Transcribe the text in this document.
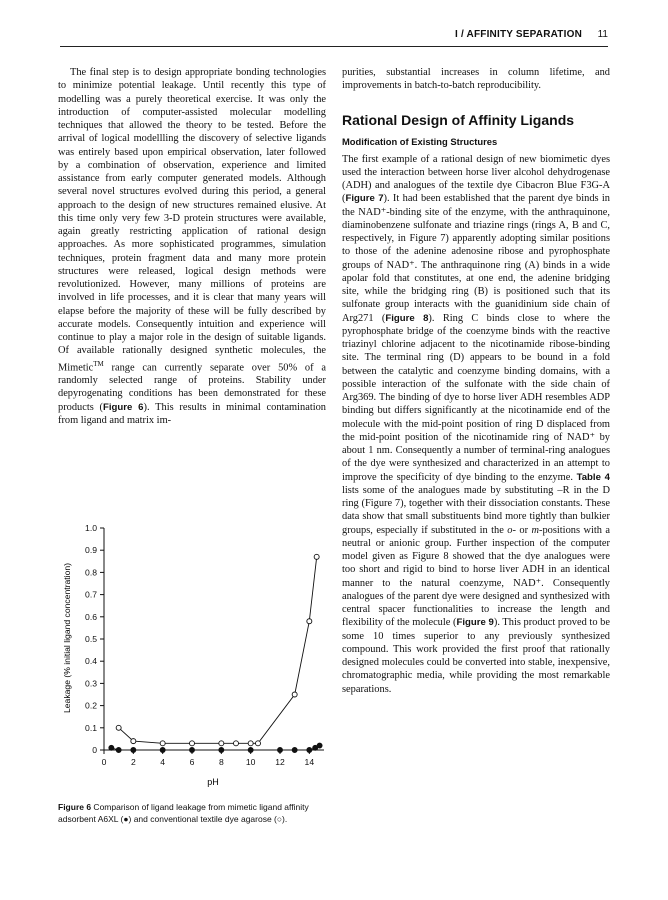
I / AFFINITY SEPARATION 11

The final step is to design appropriate bonding technologies to minimize potential leakage. Until recently this type of modelling was a purely theoretical exercise. It was only the introduction of computer-assisted molecular modelling techniques that allowed the theory to be tested. Before the arrival of logical modellling the discovery of selective ligands was entirely based upon empirical observation, later followed by a combination of observation, experience and limited assistance from early computer generated models. Although several novel structures evolved during this period, a general approach to the design of new structures remained elusive. At this time only very few 3-D protein structures were available, again greatly restricting application of rational design approaches. As more sophisticated programmes, simulation techniques, protein fragment data and many more protein structures were released, logical design methods were revolutionized. However, many millions of proteins are involved in life processes, and it is clear that many years will elapse before the majority of these will be fully described by accurate models. Consequently intuition and experience will continue to play a major role in the design of suitable ligands. Of available rationally designed synthetic molecules, the Mimetic™ range can currently separate over 50% of a randomly selected range of proteins. Stability under depyrogenating conditions has been demonstrated for these products (Figure 6). This results in minimal contamination from ligand and matrix im-

purities, substantial increases in column lifetime, and improvements in batch-to-batch reproducibility.

Rational Design of Affinity Ligands
Modification of Existing Structures

The first example of a rational design of new biomimetic dyes used the interaction between horse liver alcohol dehydrogenase (ADH) and analogues of the textile dye Cibacron Blue F3G-A (Figure 7). It had been established that the parent dye binds in the NAD⁺-binding site of the enzyme, with the anthraquinone, diaminobenzene sulfonate and triazine rings (rings A, B and C, respectively, in Figure 7) apparently adopting similar positions to those of the adenine adenosine ribose and pyrophosphate groups of NAD⁺. The anthraquinone ring (A) binds in a wide apolar fold that constitutes, at one end, the adenine bridging site, while the bridging ring (B) is positioned such that its sulfonate group interacts with the guanidinium side chain of Arg271 (Figure 8). Ring C binds close to where the pyrophosphate bridge of the coenzyme binds with the reactive triazinyl chlorine adjacent to the nicotinamide ribose-binding site. The terminal ring (D) appears to be bound in a fold between the catalytic and coenzyme binding domains, with a possible interaction of the sulfonate with the side chain of Arg369. The binding of dye to horse liver ADH resembles ADP binding but differs significantly at the nicotinamide end of the molecule with the mid-point position of ring D displaced from the mid-point position of the nicotinamide ring of NAD⁺ by about 1 nm. Consequently a number of terminal-ring analogues of the dye were synthesized and characterized in an attempt to improve the specificity of dye binding to the enzyme. Table 4 lists some of the analogues made by substituting –R in the D ring (Figure 7), together with their dissociation constants. These data show that small substituents bind more tightly than bulkier groups, especially if substituted in the o- or m-positions with a neutral or anionic group. Further inspection of the computer model given as Figure 8 showed that the dye analogues were too short and rigid to bind to horse liver ADH in an identical manner to the natural coenzyme, NAD⁺. Consequently analogues of the parent dye were designed and synthesized with central spacer functionalities to increase the length and flexibility of the molecule (Figure 9). This product proved to be some 10 times superior to any previously synthesized compound. This work provided the first proof that rationally designed molecules could be converted into stable, inexpensive, chromatographic media, while providing the most remarkable separations.

0
0.1
0.2
0.3
0.4
0.5
0.6
0.7
0.8
0.9
1.0
0	2	4	6	8	10 12 14
Leakage (% initial ligand concentration)
pH
Figure 6 Comparison of ligand leakage from mimetic ligand affinity adsorbent A6XL (●) and conventional textile dye agarose (○).
